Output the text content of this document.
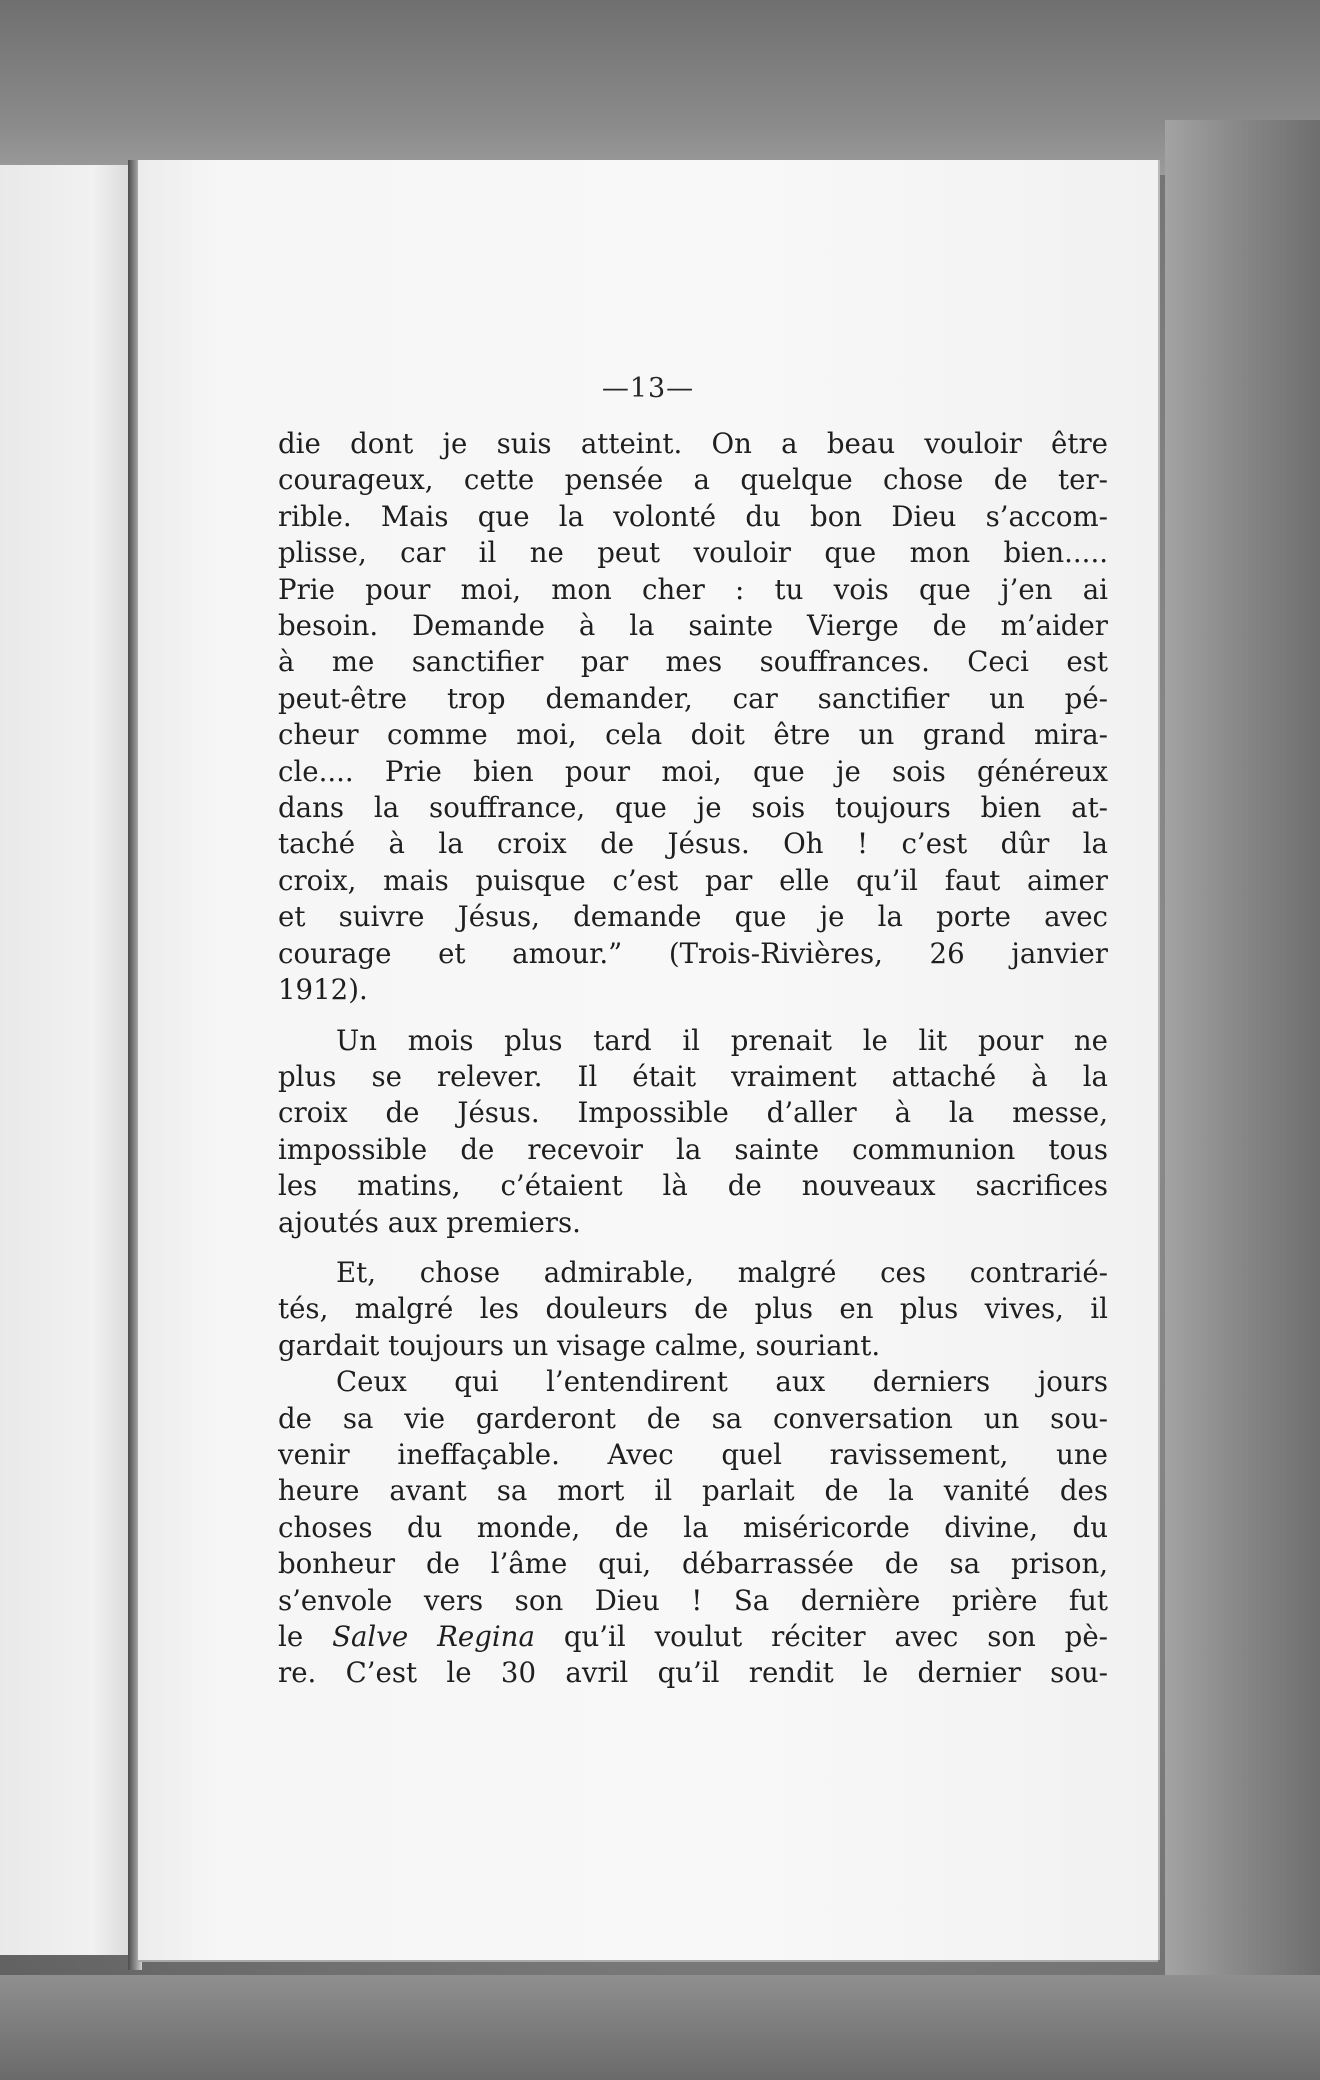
—13—

die dont je suis atteint. On a beau vouloir être
courageux, cette pensée a quelque chose de ter-
rible. Mais que la volonté du bon Dieu s’accom-
plisse, car il ne peut vouloir que mon bien.....
Prie pour moi, mon cher : tu vois que j’en ai
besoin. Demande à la sainte Vierge de m’aider
à me sanctifier par mes souffrances. Ceci est
peut-être trop demander, car sanctifier un pé-
cheur comme moi, cela doit être un grand mira-
cle.... Prie bien pour moi, que je sois généreux
dans la souffrance, que je sois toujours bien at-
taché à la croix de Jésus. Oh ! c’est dûr la
croix, mais puisque c’est par elle qu’il faut aimer
et suivre Jésus, demande que je la porte avec
courage et amour.” (Trois-Rivières, 26 janvier
1912).

Un mois plus tard il prenait le lit pour ne
plus se relever. Il était vraiment attaché à la
croix de Jésus. Impossible d’aller à la messe,
impossible de recevoir la sainte communion tous
les matins, c’étaient là de nouveaux sacrifices
ajoutés aux premiers.

Et, chose admirable, malgré ces contrarié-
tés, malgré les douleurs de plus en plus vives, il
gardait toujours un visage calme, souriant.

Ceux qui l’entendirent aux derniers jours
de sa vie garderont de sa conversation un sou-
venir ineffaçable. Avec quel ravissement, une
heure avant sa mort il parlait de la vanité des
choses du monde, de la miséricorde divine, du
bonheur de l’âme qui, débarrassée de sa prison,
s’envole vers son Dieu ! Sa dernière prière fut
le Salve Regina qu’il voulut réciter avec son pè-
re. C’est le 30 avril qu’il rendit le dernier sou-
